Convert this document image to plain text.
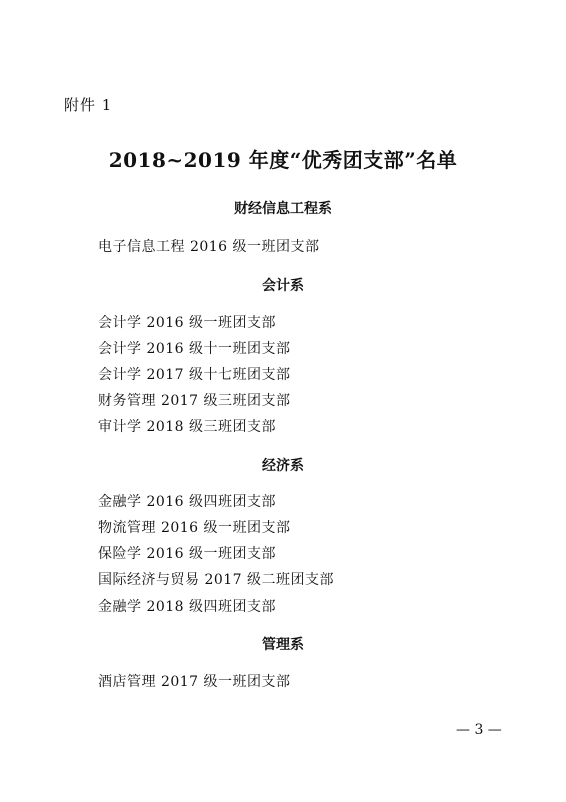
附件 1
2018~2019 年度“优秀团支部”名单
财经信息工程系
电子信息工程 2016 级一班团支部
会计系
会计学 2016 级一班团支部
会计学 2016 级十一班团支部
会计学 2017 级十七班团支部
财务管理 2017 级三班团支部
审计学 2018 级三班团支部
经济系
金融学 2016 级四班团支部
物流管理 2016 级一班团支部
保险学 2016 级一班团支部
国际经济与贸易 2017 级二班团支部
金融学 2018 级四班团支部
管理系
酒店管理 2017 级一班团支部
— 3 —
